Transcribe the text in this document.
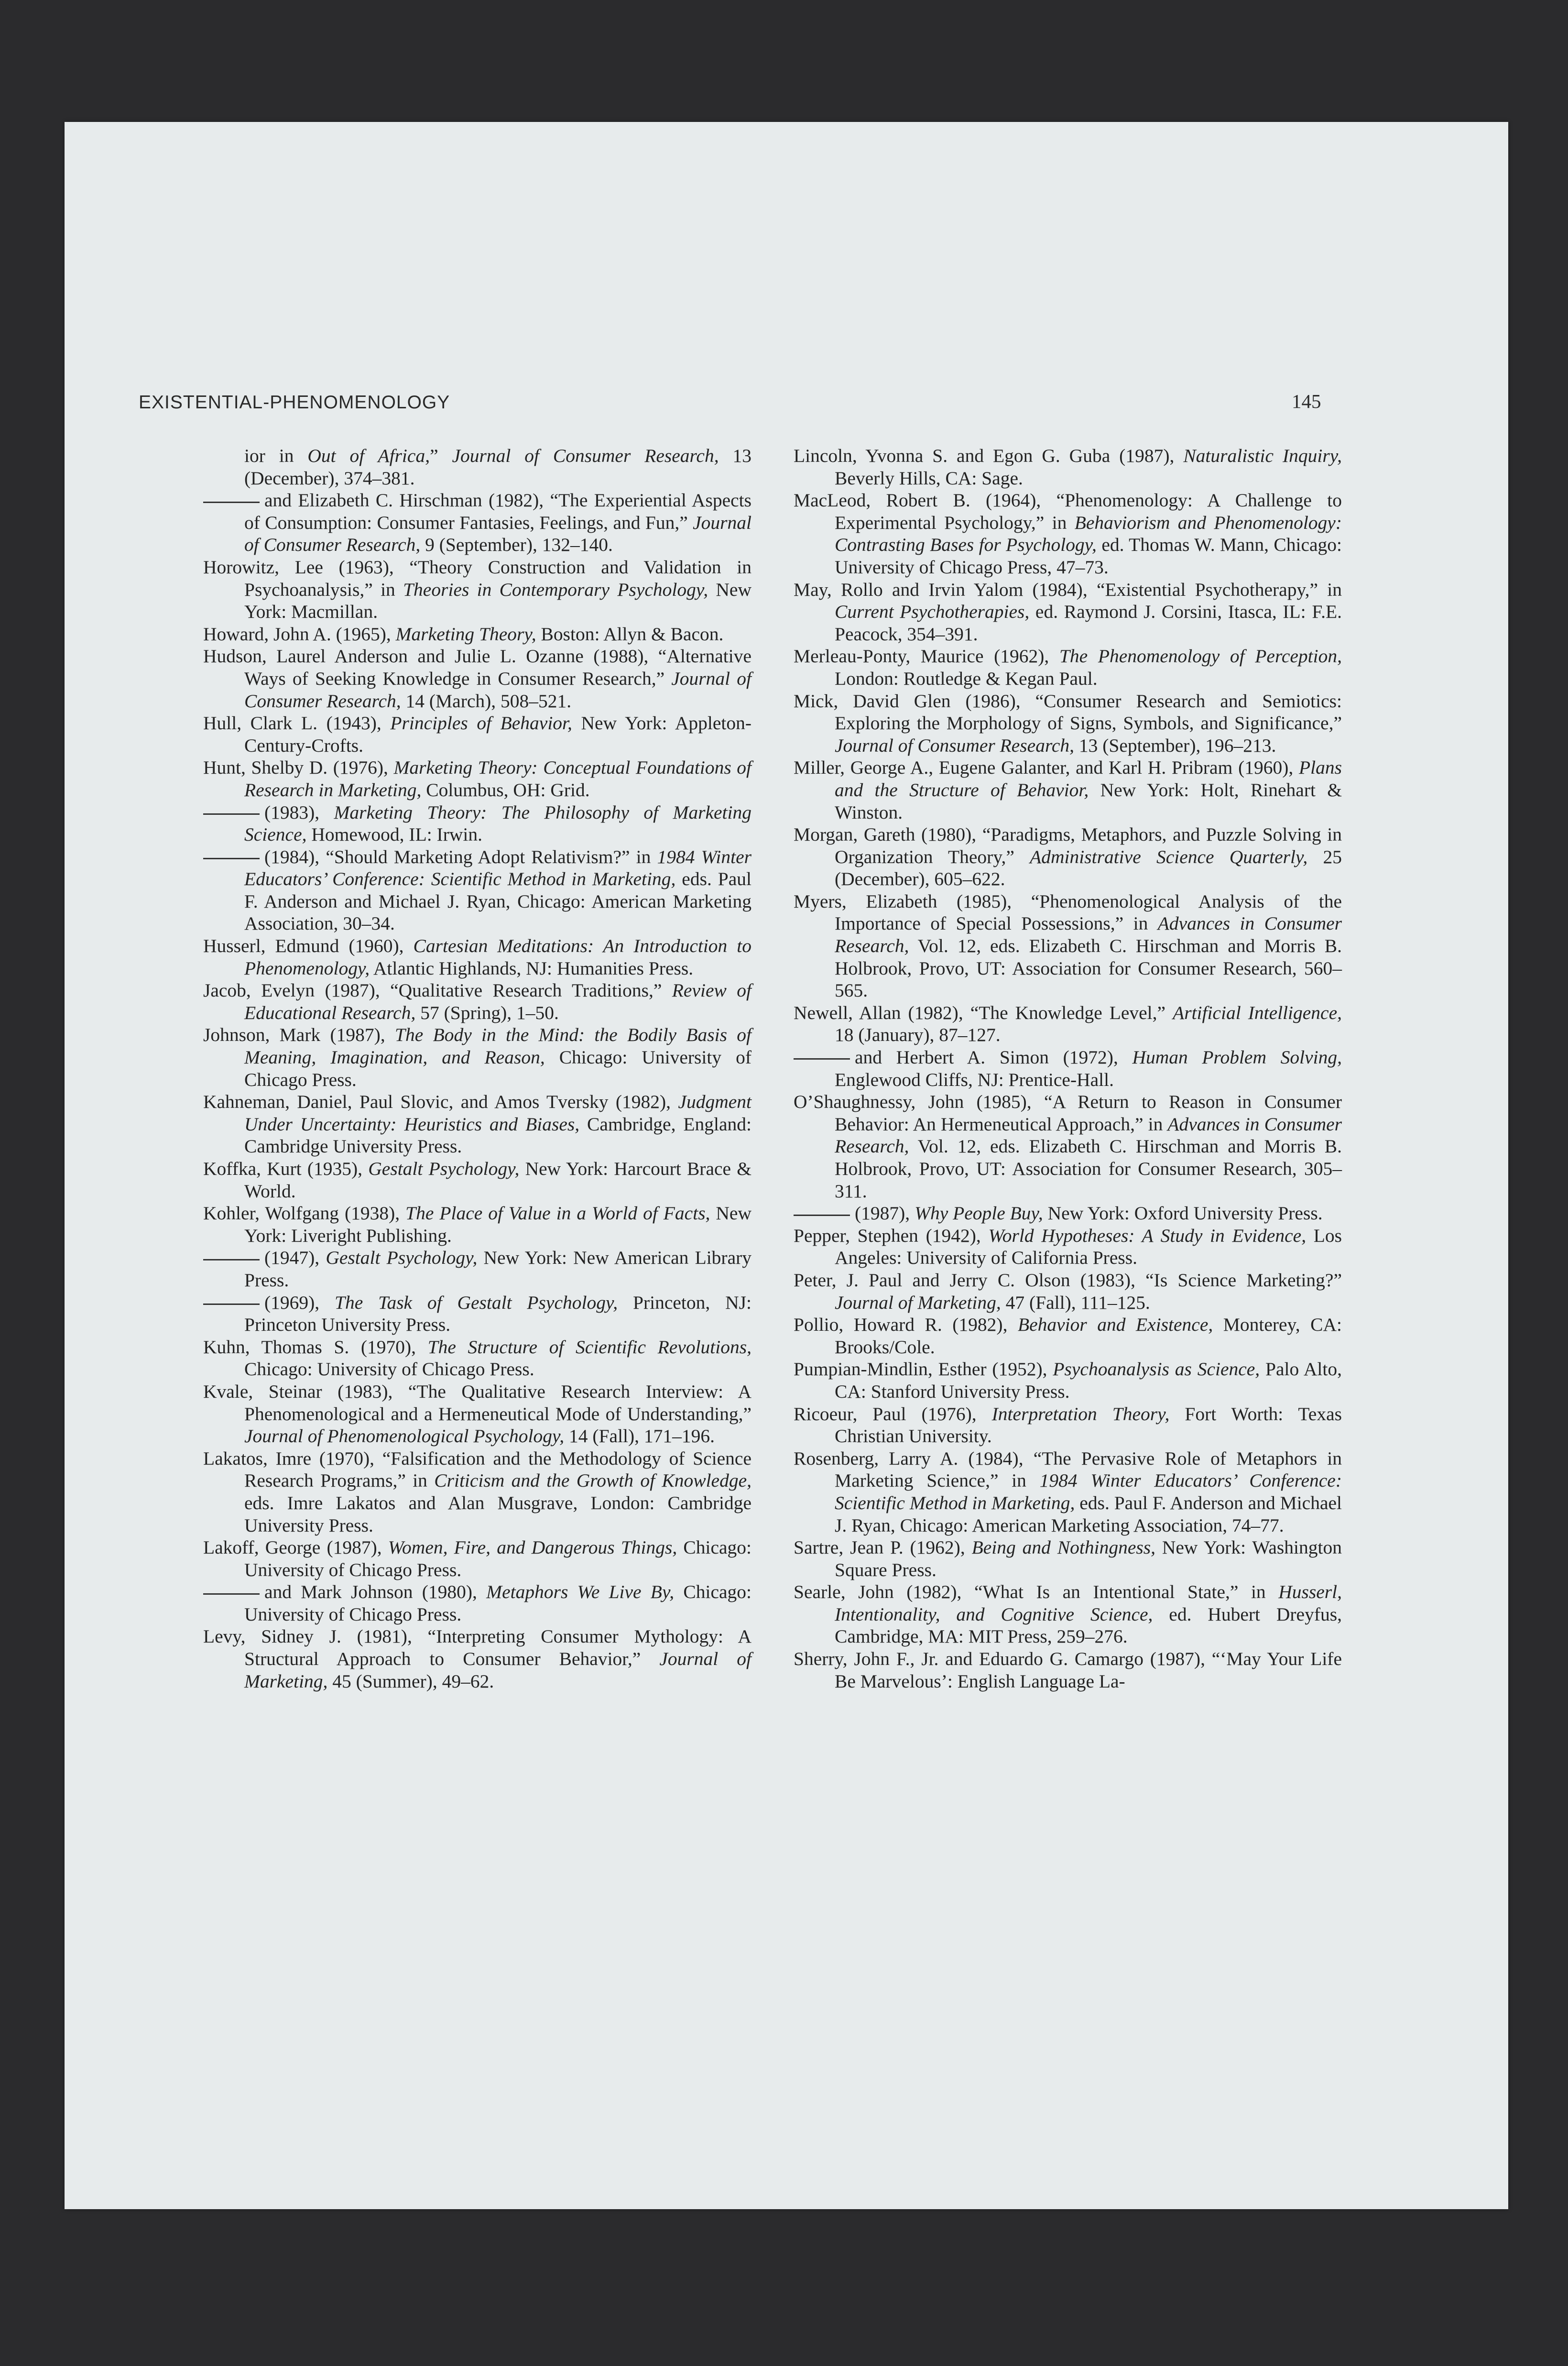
EXISTENTIAL-PHENOMENOLOGY	145

ior in Out of Africa,” Journal of Consumer Research, 13 (December), 374–381.

and Elizabeth C. Hirschman (1982), “The Experiential Aspects of Consumption: Consumer Fantasies, Feelings, and Fun,” Journal of Consumer Research, 9 (September), 132–140.

Horowitz, Lee (1963), “Theory Construction and Validation in Psychoanalysis,” in Theories in Contemporary Psychology, New York: Macmillan.

Howard, John A. (1965), Marketing Theory, Boston: Allyn & Bacon.

Hudson, Laurel Anderson and Julie L. Ozanne (1988), “Alternative Ways of Seeking Knowledge in Consumer Research,” Journal of Consumer Research, 14 (March), 508–521.

Hull, Clark L. (1943), Principles of Behavior, New York: Appleton-Century-Crofts.

Hunt, Shelby D. (1976), Marketing Theory: Conceptual Foundations of Research in Marketing, Columbus, OH: Grid.

(1983), Marketing Theory: The Philosophy of Marketing Science, Homewood, IL: Irwin.

(1984), “Should Marketing Adopt Relativism?” in 1984 Winter Educators’ Conference: Scientific Method in Marketing, eds. Paul F. Anderson and Michael J. Ryan, Chicago: American Marketing Association, 30–34.

Husserl, Edmund (1960), Cartesian Meditations: An Introduction to Phenomenology, Atlantic Highlands, NJ: Humanities Press.

Jacob, Evelyn (1987), “Qualitative Research Traditions,” Review of Educational Research, 57 (Spring), 1–50.

Johnson, Mark (1987), The Body in the Mind: the Bodily Basis of Meaning, Imagination, and Reason, Chicago: University of Chicago Press.

Kahneman, Daniel, Paul Slovic, and Amos Tversky (1982), Judgment Under Uncertainty: Heuristics and Biases, Cambridge, England: Cambridge University Press.

Koffka, Kurt (1935), Gestalt Psychology, New York: Harcourt Brace & World.

Kohler, Wolfgang (1938), The Place of Value in a World of Facts, New York: Liveright Publishing.

(1947), Gestalt Psychology, New York: New American Library Press.

(1969), The Task of Gestalt Psychology, Princeton, NJ: Princeton University Press.

Kuhn, Thomas S. (1970), The Structure of Scientific Revolutions, Chicago: University of Chicago Press.

Kvale, Steinar (1983), “The Qualitative Research Interview: A Phenomenological and a Hermeneutical Mode of Understanding,” Journal of Phenomenological Psychology, 14 (Fall), 171–196.

Lakatos, Imre (1970), “Falsification and the Methodology of Science Research Programs,” in Criticism and the Growth of Knowledge, eds. Imre Lakatos and Alan Musgrave, London: Cambridge University Press.

Lakoff, George (1987), Women, Fire, and Dangerous Things, Chicago: University of Chicago Press.

and Mark Johnson (1980), Metaphors We Live By, Chicago: University of Chicago Press.

Levy, Sidney J. (1981), “Interpreting Consumer Mythology: A Structural Approach to Consumer Behavior,” Journal of Marketing, 45 (Summer), 49–62.

Lincoln, Yvonna S. and Egon G. Guba (1987), Naturalistic Inquiry, Beverly Hills, CA: Sage.

MacLeod, Robert B. (1964), “Phenomenology: A Challenge to Experimental Psychology,” in Behaviorism and Phenomenology: Contrasting Bases for Psychology, ed. Thomas W. Mann, Chicago: University of Chicago Press, 47–73.

May, Rollo and Irvin Yalom (1984), “Existential Psychotherapy,” in Current Psychotherapies, ed. Raymond J. Corsini, Itasca, IL: F.E. Peacock, 354–391.

Merleau-Ponty, Maurice (1962), The Phenomenology of Perception, London: Routledge & Kegan Paul.

Mick, David Glen (1986), “Consumer Research and Semiotics: Exploring the Morphology of Signs, Symbols, and Significance,” Journal of Consumer Research, 13 (September), 196–213.

Miller, George A., Eugene Galanter, and Karl H. Pribram (1960), Plans and the Structure of Behavior, New York: Holt, Rinehart & Winston.

Morgan, Gareth (1980), “Paradigms, Metaphors, and Puzzle Solving in Organization Theory,” Administrative Science Quarterly, 25 (December), 605–622.

Myers, Elizabeth (1985), “Phenomenological Analysis of the Importance of Special Possessions,” in Advances in Consumer Research, Vol. 12, eds. Elizabeth C. Hirschman and Morris B. Holbrook, Provo, UT: Association for Consumer Research, 560–565.

Newell, Allan (1982), “The Knowledge Level,” Artificial Intelligence, 18 (January), 87–127.

and Herbert A. Simon (1972), Human Problem Solving, Englewood Cliffs, NJ: Prentice-Hall.

O’Shaughnessy, John (1985), “A Return to Reason in Consumer Behavior: An Hermeneutical Approach,” in Advances in Consumer Research, Vol. 12, eds. Elizabeth C. Hirschman and Morris B. Holbrook, Provo, UT: Association for Consumer Research, 305–311.

(1987), Why People Buy, New York: Oxford University Press.

Pepper, Stephen (1942), World Hypotheses: A Study in Evidence, Los Angeles: University of California Press.

Peter, J. Paul and Jerry C. Olson (1983), “Is Science Marketing?” Journal of Marketing, 47 (Fall), 111–125.

Pollio, Howard R. (1982), Behavior and Existence, Monterey, CA: Brooks/Cole.

Pumpian-Mindlin, Esther (1952), Psychoanalysis as Science, Palo Alto, CA: Stanford University Press.

Ricoeur, Paul (1976), Interpretation Theory, Fort Worth: Texas Christian University.

Rosenberg, Larry A. (1984), “The Pervasive Role of Metaphors in Marketing Science,” in 1984 Winter Educators’ Conference: Scientific Method in Marketing, eds. Paul F. Anderson and Michael J. Ryan, Chicago: American Marketing Association, 74–77.

Sartre, Jean P. (1962), Being and Nothingness, New York: Washington Square Press.

Searle, John (1982), “What Is an Intentional State,” in Husserl, Intentionality, and Cognitive Science, ed. Hubert Dreyfus, Cambridge, MA: MIT Press, 259–276.

Sherry, John F., Jr. and Eduardo G. Camargo (1987), “‘May Your Life Be Marvelous’: English Language La-
